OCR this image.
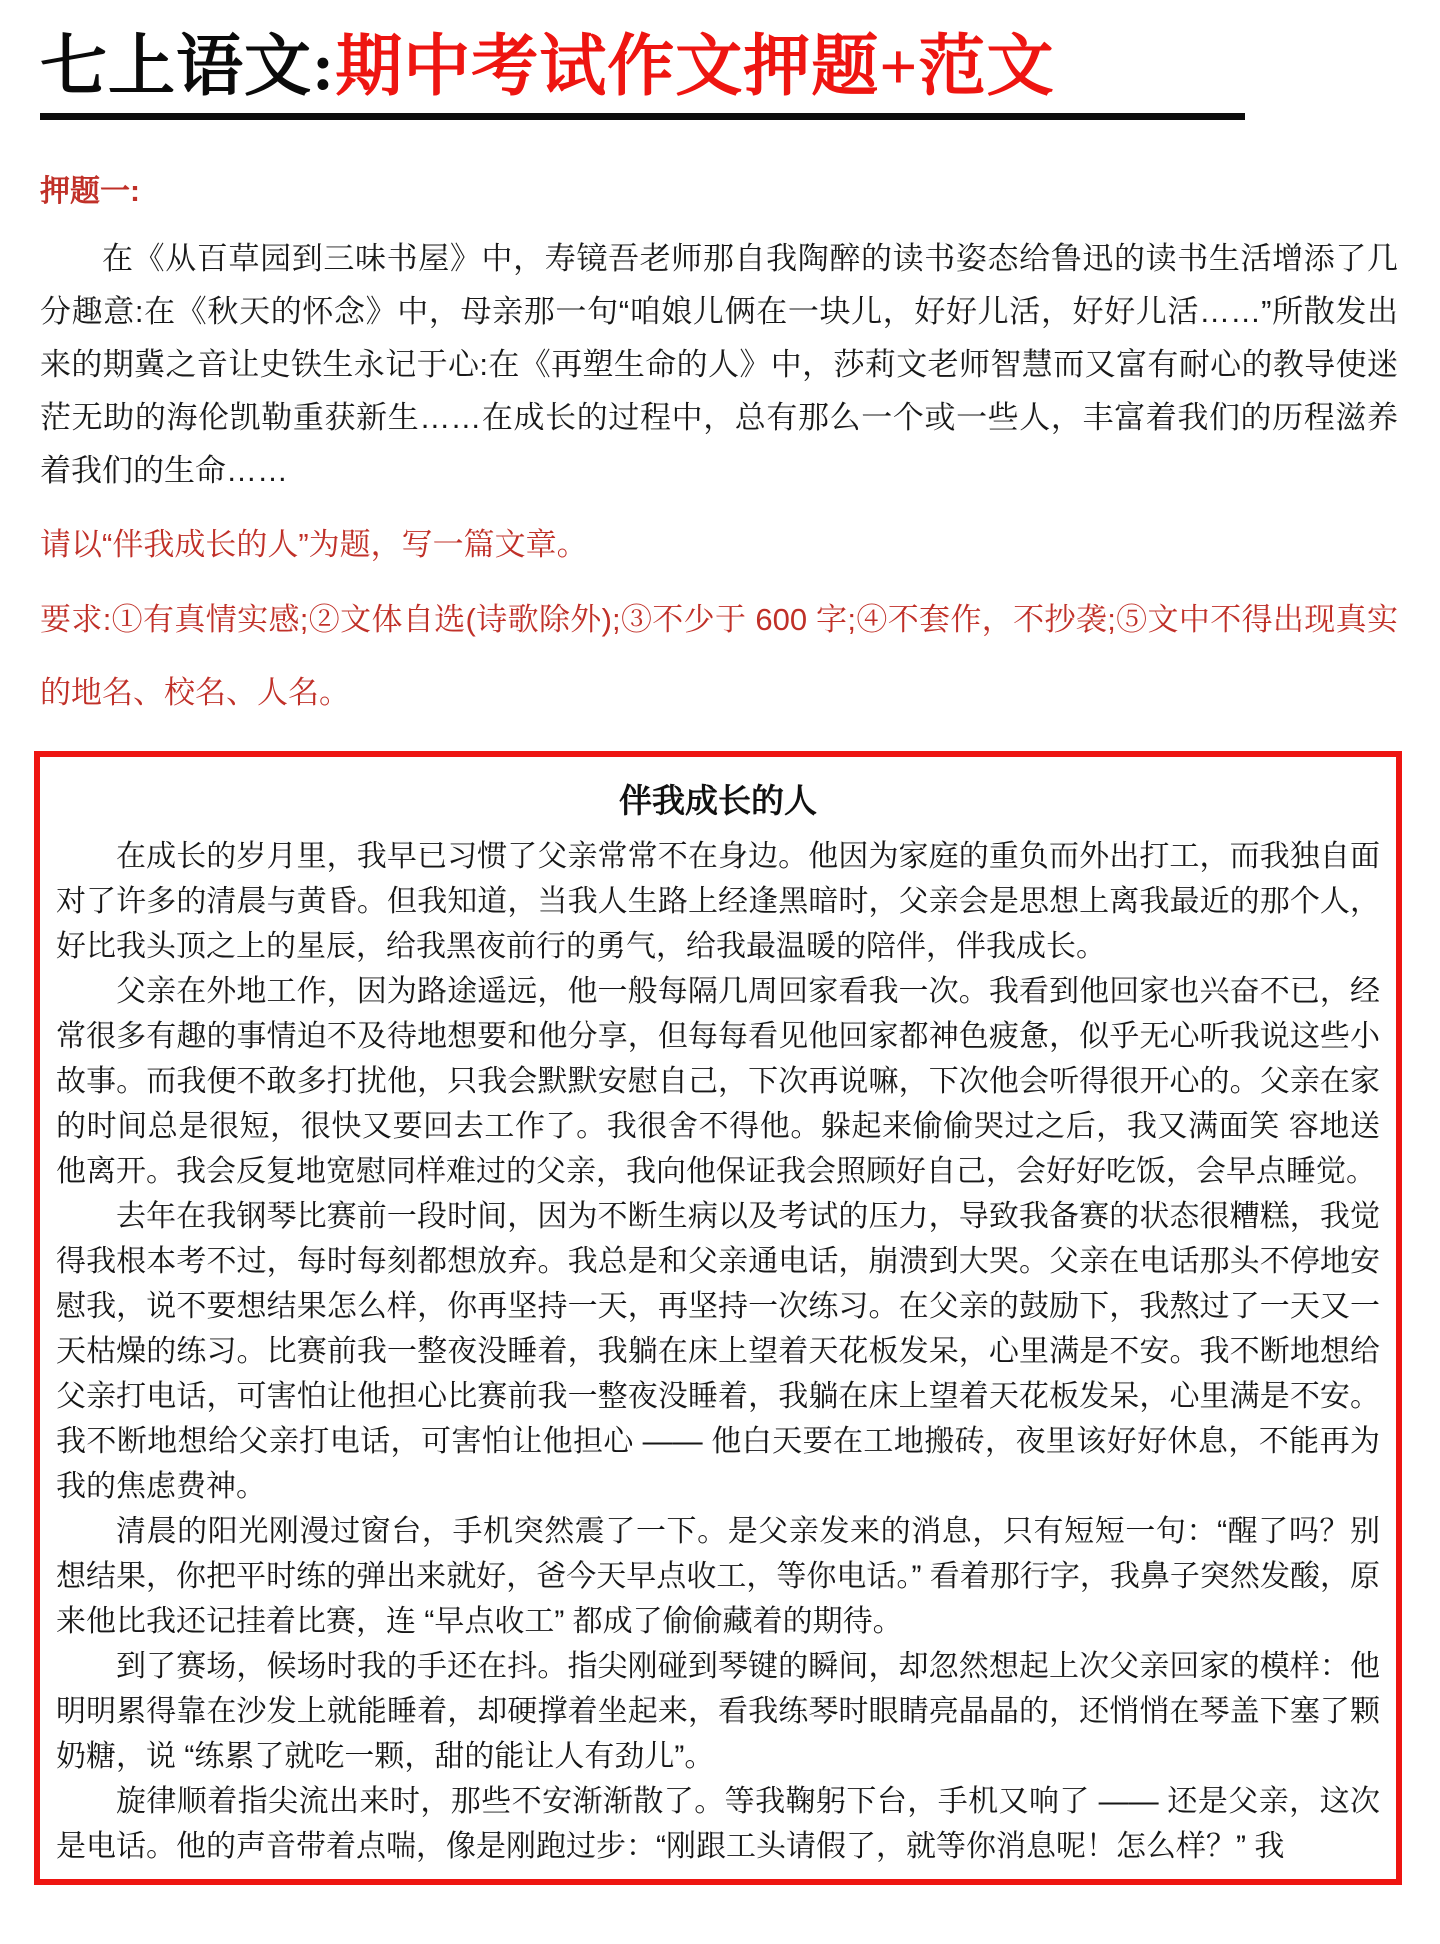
七上语文:期中考试作文押题+范文
押题一:

在《从百草园到三味书屋》中，寿镜吾老师那自我陶醉的读书姿态给鲁迅的读书生活增添了几分趣意:在《秋天的怀念》中，母亲那一句“咱娘儿俩在一块儿，好好儿活，好好儿活……”所散发出来的期冀之音让史铁生永记于心:在《再塑生命的人》中，莎莉文老师智慧而又富有耐心的教导使迷茫无助的海伦凯勒重获新生……在成长的过程中，总有那么一个或一些人，丰富着我们的历程滋养着我们的生命……

请以“伴我成长的人”为题，写一篇文章。

要求:①有真情实感;②文体自选(诗歌除外);③不少于 600 字;④不套作，不抄袭;⑤文中不得出现真实的地名、校名、人名。

伴我成长的人

在成长的岁月里，我早已习惯了父亲常常不在身边。他因为家庭的重负而外出打工，而我独自面对了许多的清晨与黄昏。但我知道，当我人生路上经逢黑暗时，父亲会是思想上离我最近的那个人，好比我头顶之上的星辰，给我黑夜前行的勇气，给我最温暖的陪伴，伴我成长。

父亲在外地工作，因为路途遥远，他一般每隔几周回家看我一次。我看到他回家也兴奋不已，经常很多有趣的事情迫不及待地想要和他分享，但每每看见他回家都神色疲惫，似乎无心听我说这些小故事。而我便不敢多打扰他，只我会默默安慰自己，下次再说嘛，下次他会听得很开心的。父亲在家的时间总是很短，很快又要回去工作了。我很舍不得他。躲起来偷偷哭过之后，我又满面笑 容地送他离开。我会反复地宽慰同样难过的父亲，我向他保证我会照顾好自己，会好好吃饭，会早点睡觉。

去年在我钢琴比赛前一段时间，因为不断生病以及考试的压力，导致我备赛的状态很糟糕，我觉得我根本考不过，每时每刻都想放弃。我总是和父亲通电话，崩溃到大哭。父亲在电话那头不停地安慰我，说不要想结果怎么样，你再坚持一天，再坚持一次练习。在父亲的鼓励下，我熬过了一天又一天枯燥的练习。比赛前我一整夜没睡着，我躺在床上望着天花板发呆，心里满是不安。我不断地想给父亲打电话，可害怕让他担心比赛前我一整夜没睡着，我躺在床上望着天花板发呆，心里满是不安。我不断地想给父亲打电话，可害怕让他担心 —— 他白天要在工地搬砖，夜里该好好休息，不能再为我的焦虑费神。

清晨的阳光刚漫过窗台，手机突然震了一下。是父亲发来的消息，只有短短一句：“醒了吗？别想结果，你把平时练的弹出来就好，爸今天早点收工，等你电话。” 看着那行字，我鼻子突然发酸，原来他比我还记挂着比赛，连 “早点收工” 都成了偷偷藏着的期待。

到了赛场，候场时我的手还在抖。指尖刚碰到琴键的瞬间，却忽然想起上次父亲回家的模样：他明明累得靠在沙发上就能睡着，却硬撑着坐起来，看我练琴时眼睛亮晶晶的，还悄悄在琴盖下塞了颗奶糖，说 “练累了就吃一颗，甜的能让人有劲儿”。

旋律顺着指尖流出来时，那些不安渐渐散了。等我鞠躬下台，手机又响了 —— 还是父亲，这次是电话。他的声音带着点喘，像是刚跑过步：“刚跟工头请假了，就等你消息呢！怎么样？” 我
